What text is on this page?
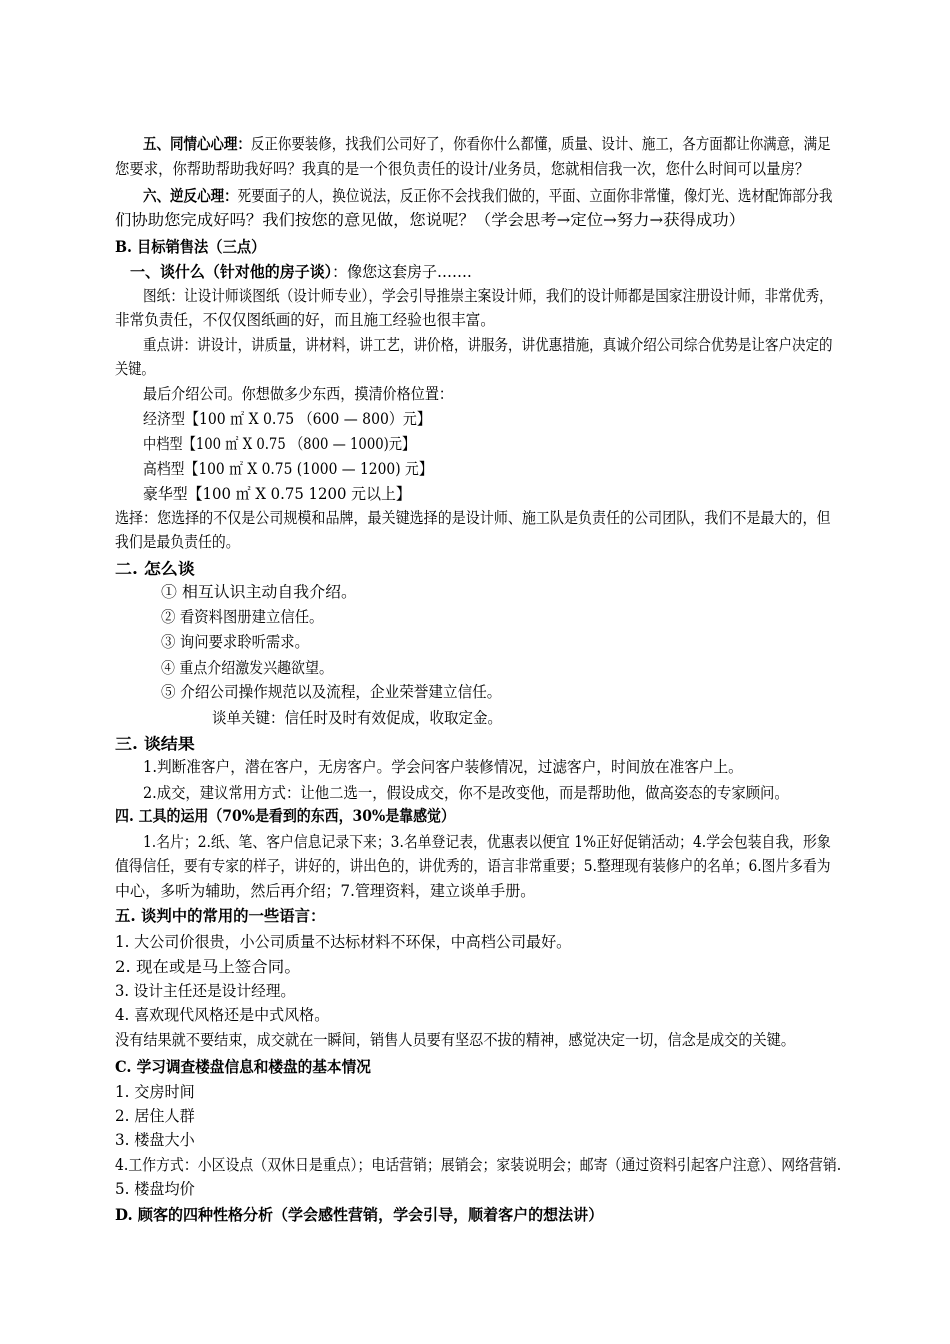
五、同情心心理：反正你要装修，找我们公司好了，你看你什么都懂，质量、设计、施工，各方面都让你满意，满足
您要求，你帮助帮助我好吗？我真的是一个很负责任的设计/业务员，您就相信我一次，您什么时间可以量房？
六、逆反心理：死要面子的人，换位说法，反正你不会找我们做的，平面、立面你非常懂，像灯光、选材配饰部分我
们协助您完成好吗？我们按您的意见做，您说呢？（学会思考→定位→努力→获得成功）
B. 目标销售法（三点）
一、谈什么（针对他的房子谈）：像您这套房子…….
图纸：让设计师谈图纸（设计师专业），学会引导推崇主案设计师，我们的设计师都是国家注册设计师，非常优秀，
非常负责任，不仅仅图纸画的好，而且施工经验也很丰富。
重点讲：讲设计，讲质量，讲材料，讲工艺，讲价格，讲服务，讲优惠措施，真诚介绍公司综合优势是让客户决定的
关键。
最后介绍公司。你想做多少东西，摸清价格位置：
经济型【100 ㎡ X 0.75 （600 — 800）元】
中档型【100 ㎡ X 0.75 （800 — 1000)元】
高档型【100 ㎡ X 0.75 (1000 — 1200) 元】
豪华型【100 ㎡ X 0.75 1200 元以上】
选择：您选择的不仅是公司规模和品牌，最关键选择的是设计师、施工队是负责任的公司团队，我们不是最大的，但
我们是最负责任的。
二. 怎么谈
① 相互认识主动自我介绍。
② 看资料图册建立信任。
③ 询问要求聆听需求。
④ 重点介绍激发兴趣欲望。
⑤ 介绍公司操作规范以及流程，企业荣誉建立信任。
谈单关键：信任时及时有效促成，收取定金。
三. 谈结果
1.判断准客户，潜在客户，无房客户。学会问客户装修情况，过滤客户，时间放在准客户上。
2.成交，建议常用方式：让他二选一，假设成交，你不是改变他，而是帮助他，做高姿态的专家顾问。
四. 工具的运用（70%是看到的东西，30%是靠感觉）
1.名片；2.纸、笔、客户信息记录下来；3.名单登记表，优惠表以便宜 1%正好促销活动；4.学会包装自我，形象
值得信任，要有专家的样子，讲好的，讲出色的，讲优秀的，语言非常重要；5.整理现有装修户的名单；6.图片多看为
中心，多听为辅助，然后再介绍；7.管理资料，建立谈单手册。
五. 谈判中的常用的一些语言：
1. 大公司价很贵，小公司质量不达标材料不环保，中高档公司最好。
2. 现在或是马上签合同。
3. 设计主任还是设计经理。
4. 喜欢现代风格还是中式风格。
没有结果就不要结束，成交就在一瞬间，销售人员要有坚忍不拔的精神，感觉决定一切，信念是成交的关键。
C. 学习调查楼盘信息和楼盘的基本情况
1. 交房时间
2. 居住人群
3. 楼盘大小
4.工作方式：小区设点（双休日是重点）；电话营销；展销会；家装说明会；邮寄（通过资料引起客户注意）、网络营销.
5. 楼盘均价
D. 顾客的四种性格分析（学会感性营销，学会引导，顺着客户的想法讲）
